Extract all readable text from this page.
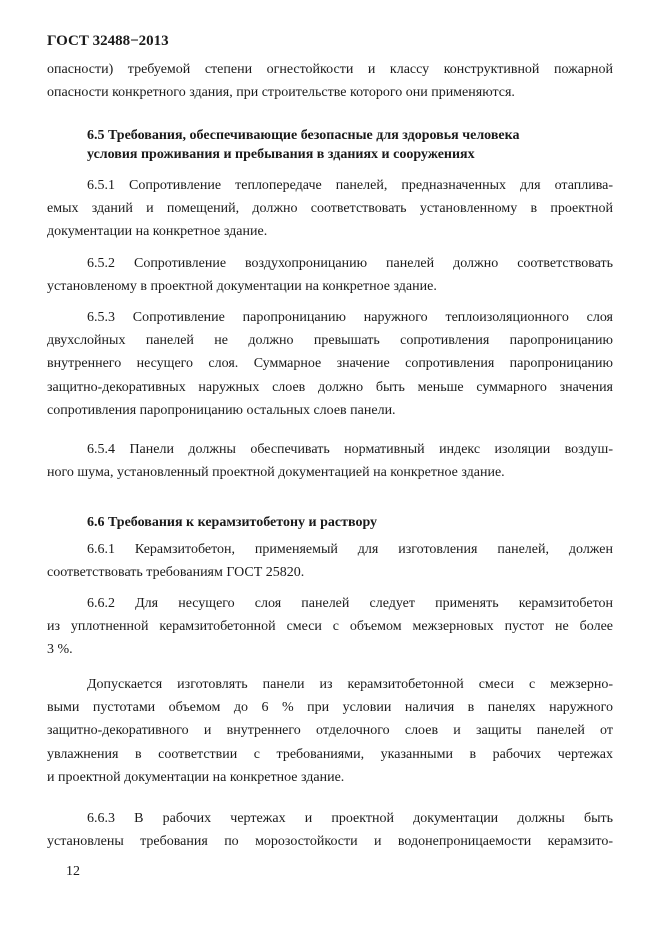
ГОСТ 32488−2013
опасности) требуемой степени огнестойкости и классу конструктивной пожарной
опасности конкретного здания, при строительстве которого они применяются.
6.5 Требования, обеспечивающие безопасные для здоровья человека
условия проживания и пребывания в зданиях и сооружениях
6.5.1 Сопротивление теплопередаче панелей, предназначенных для отаплива-
емых зданий и помещений, должно соответствовать установленному в проектной
документации на конкретное здание.
6.5.2 Сопротивление воздухопроницанию панелей должно соответствовать
установленому в проектной документации на конкретное здание.
6.5.3 Сопротивление паропроницанию наружного теплоизоляционного слоя
двухслойных панелей не должно превышать сопротивления паропроницанию
внутреннего несущего слоя. Суммарное значение сопротивления паропроницанию
защитно-декоративных наружных слоев должно быть меньше суммарного значения
сопротивления паропроницанию остальных слоев панели.
6.5.4 Панели должны обеспечивать нормативный индекс изоляции воздуш-
ного шума, установленный проектной документацией на конкретное здание.
6.6 Требования к керамзитобетону и раствору
6.6.1 Керамзитобетон, применяемый для изготовления панелей, должен
соответствовать требованиям ГОСТ 25820.
6.6.2 Для несущего слоя панелей следует применять керамзитобетон
из уплотненной керамзитобетонной смеси с объемом межзерновых пустот не более
3 %.
Допускается изготовлять панели из керамзитобетонной смеси с межзерно-
выми пустотами объемом до 6 % при условии наличия в панелях наружного
защитно-декоративного и внутреннего отделочного слоев и защиты панелей от
увлажнения в соответствии с требованиями, указанными в рабочих чертежах
и проектной документации на конкретное здание.
6.6.3 В рабочих чертежах и проектной документации должны быть
установлены требования по морозостойкости и водонепроницаемости керамзито-
12
